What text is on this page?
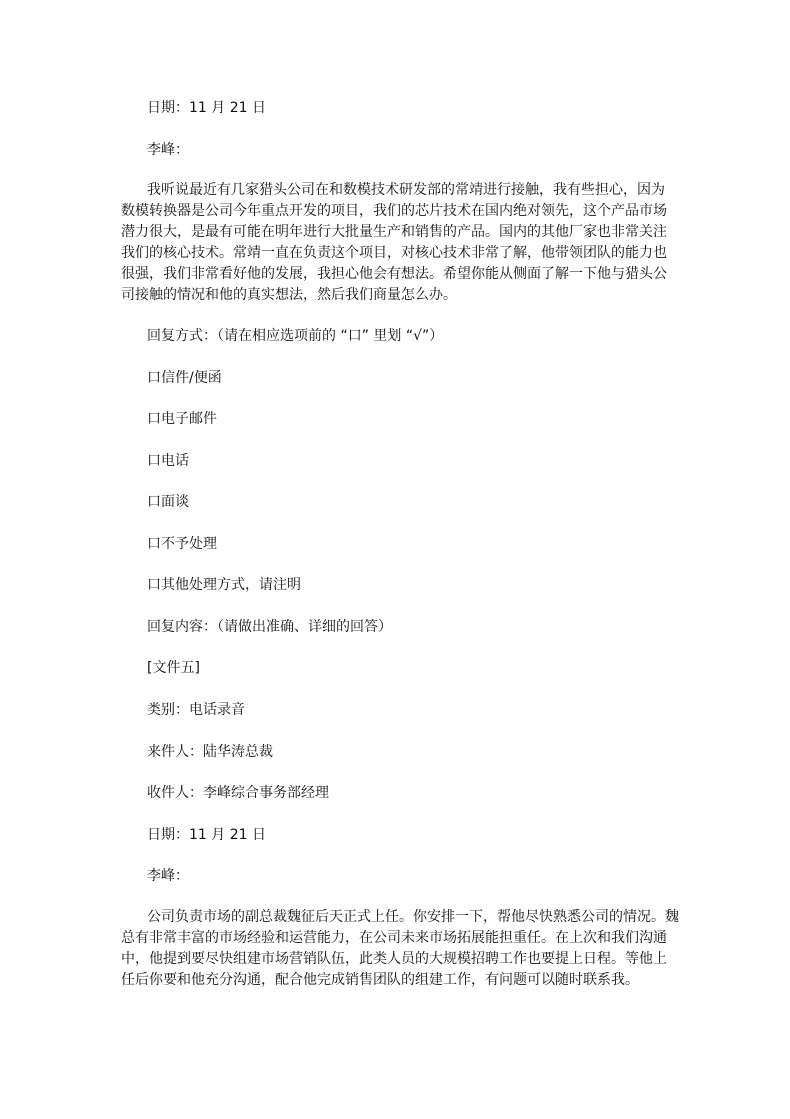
日期：11 月 21 日

李峰：

我听说最近有几家猎头公司在和数模技术研发部的常靖进行接触，我有些担心，因为
数模转换器是公司今年重点开发的项目，我们的芯片技术在国内绝对领先，这个产品市场
潜力很大，是最有可能在明年进行大批量生产和销售的产品。国内的其他厂家也非常关注
我们的核心技术。常靖一直在负责这个项目，对核心技术非常了解，他带领团队的能力也
很强，我们非常看好他的发展，我担心他会有想法。希望你能从侧面了解一下他与猎头公
司接触的情况和他的真实想法，然后我们商量怎么办。

回复方式：（请在相应选项前的 “口” 里划 “√”）

口信件/便函

口电子邮件

口电话

口面谈

口不予处理

口其他处理方式，请注明

回复内容：（请做出准确、详细的回答）

[文件五]

类别：电话录音

来件人：陆华涛总裁

收件人：李峰综合事务部经理

日期：11 月 21 日

李峰：

公司负责市场的副总裁魏征后天正式上任。你安排一下，帮他尽快熟悉公司的情况。魏
总有非常丰富的市场经验和运营能力，在公司未来市场拓展能担重任。在上次和我们沟通
中，他提到要尽快组建市场营销队伍，此类人员的大规模招聘工作也要提上日程。等他上
任后你要和他充分沟通，配合他完成销售团队的组建工作，有问题可以随时联系我。
